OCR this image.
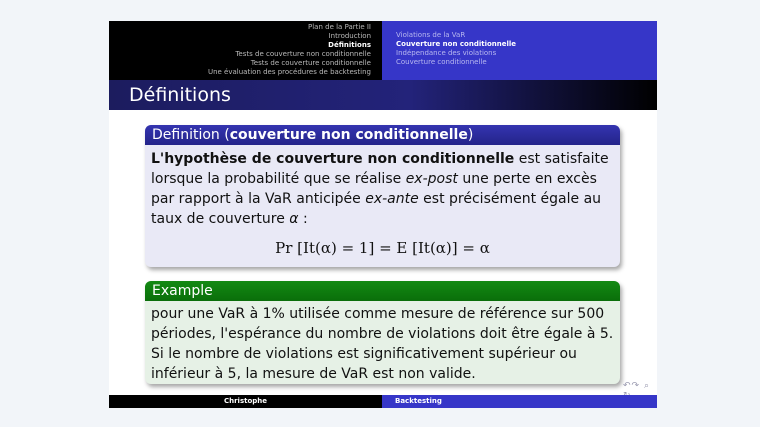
Plan de la Partie II
Introduction
Définitions
Tests de couverture non conditionnelle
Tests de couverture conditionnelle
Une évaluation des procédures de backtesting
Violations de la VaR
Couverture non conditionnelle
Indépendance des violations
Couverture conditionnelle
Définitions
Definition (couverture non conditionnelle)
L'hypothèse de couverture non conditionnelle est satisfaite lorsque la probabilité que se réalise ex-post une perte en excès par rapport à la VaR anticipée ex-ante est précisément égale au taux de couverture α :
Pr [It(α) = 1] = E [It(α)] = α
Example
pour une VaR à 1% utilisée comme mesure de référence sur 500 périodes, l'espérance du nombre de violations doit être égale à 5. Si le nombre de violations est significativement supérieur ou inférieur à 5, la mesure de VaR est non valide.
↶↷ ⌕
Christophe	Backtesting
